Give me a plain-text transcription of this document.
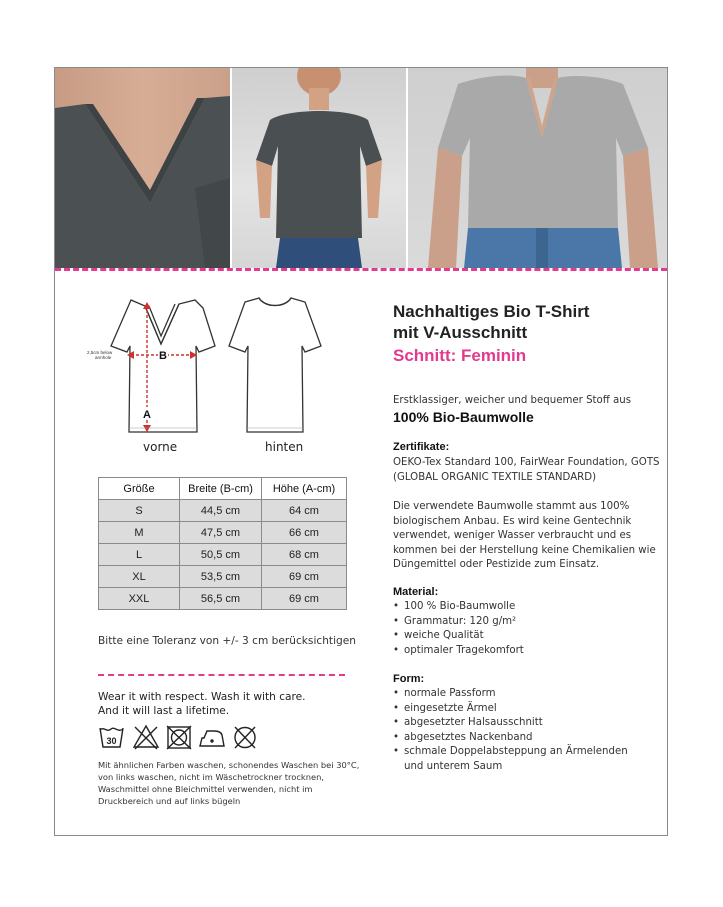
B
A
2,5cm below
armhole
vorne	hinten
Größe	Breite (B-cm)	Höhe (A-cm)
S	44,5 cm	64 cm
M	47,5 cm	66 cm
L	50,5 cm	68 cm
XL	53,5 cm	69 cm
XXL	56,5 cm	69 cm
Bitte eine Toleranz von +/- 3 cm berücksichtigen
Wear it with respect. Wash it with care.
And it will last a lifetime.
30
Mit ähnlichen Farben waschen, schonendes Waschen bei 30°C, von links waschen, nicht im Wäschetrockner trocknen, Waschmittel ohne Bleichmittel verwenden, nicht im Druckbereich und auf links bügeln
Nachhaltiges Bio T-Shirt
mit V-Ausschnitt
Schnitt: Feminin
Erstklassiger, weicher und bequemer Stoff aus
100% Bio-Baumwolle
Zertifikate:
OEKO-Tex Standard 100, FairWear Foundation, GOTS (GLOBAL ORGANIC TEXTILE STANDARD)
Die verwendete Baumwolle stammt aus 100% biologischem Anbau. Es wird keine Gentechnik verwendet, weniger Wasser verbraucht und es kommen bei der Herstellung keine Chemikalien wie Düngemittel oder Pestizide zum Einsatz.
Material:
• 100 % Bio-Baumwolle
• Grammatur: 120 g/m²
• weiche Qualität
• optimaler Tragekomfort
Form:
• normale Passform
• eingesetzte Ärmel
• abgesetzter Halsausschnitt
• abgesetztes Nackenband
• schmale Doppelabsteppung an Ärmelenden
und unterem Saum
